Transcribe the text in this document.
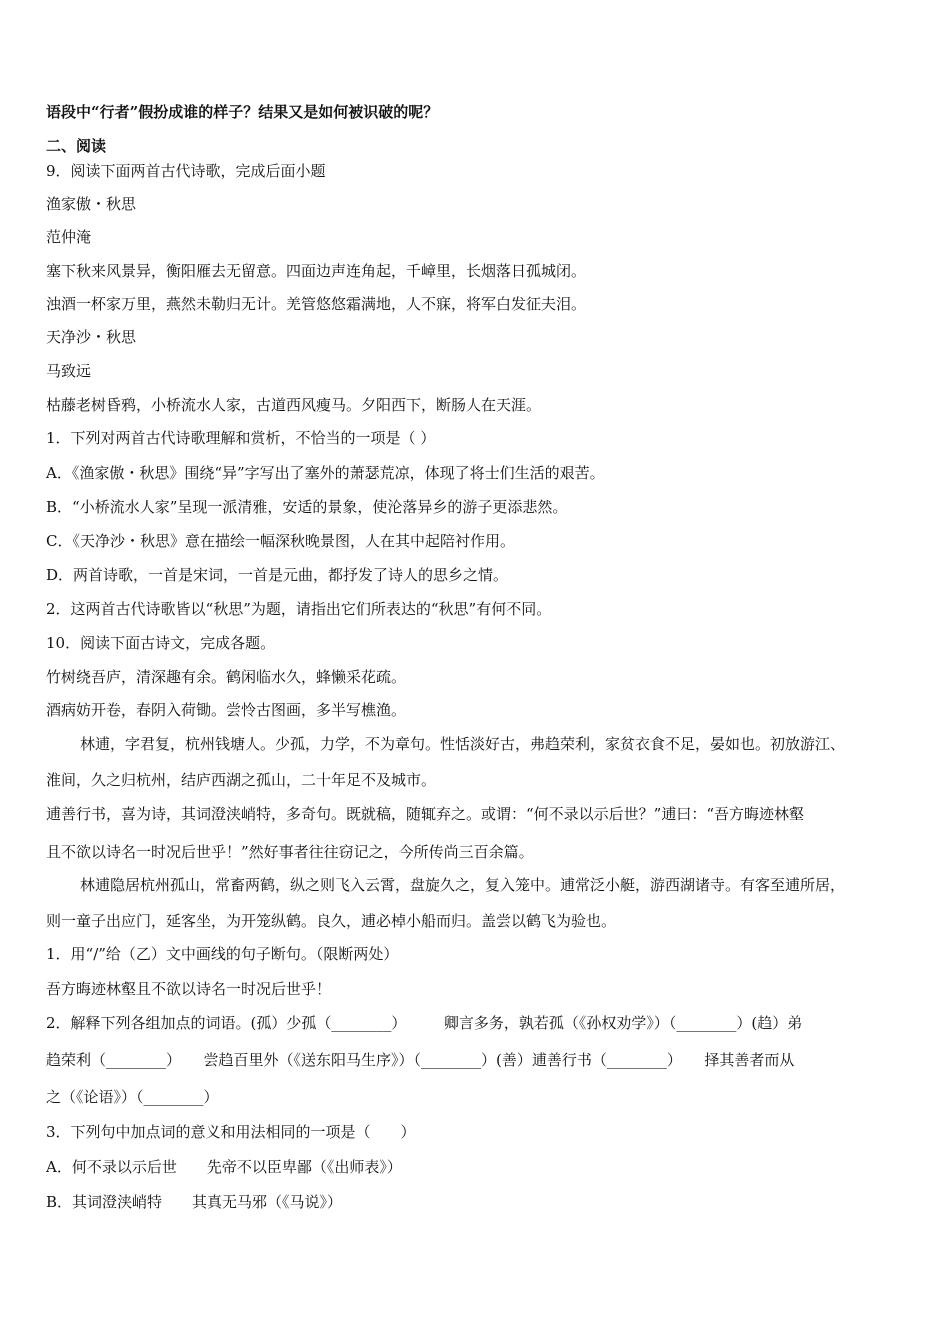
语段中“行者”假扮成谁的样子？结果又是如何被识破的呢？
二、阅读
9．阅读下面两首古代诗歌，完成后面小题
渔家傲・秋思
范仲淹
塞下秋来风景异，衡阳雁去无留意。四面边声连角起，千嶂里，长烟落日孤城闭。
浊酒一杯家万里，燕然未勒归无计。羌管悠悠霜满地，人不寐，将军白发征夫泪。
天净沙・秋思
马致远
枯藤老树昏鸦，小桥流水人家，古道西风瘦马。夕阳西下，断肠人在天涯。
1．下列对两首古代诗歌理解和赏析，不恰当的一项是（ ）
A．《渔家傲・秋思》围绕“异”字写出了塞外的萧瑟荒凉，体现了将士们生活的艰苦。
B．“小桥流水人家”呈现一派清雅，安适的景象，使沦落异乡的游子更添悲然。
C．《天净沙・秋思》意在描绘一幅深秋晚景图，人在其中起陪衬作用。
D．两首诗歌，一首是宋词，一首是元曲，都抒发了诗人的思乡之情。
2．这两首古代诗歌皆以“秋思”为题，请指出它们所表达的“秋思”有何不同。
10．阅读下面古诗文，完成各题。
竹树绕吾庐，清深趣有余。鹤闲临水久，蜂懒采花疏。
酒病妨开卷，春阴入荷锄。尝怜古图画，多半写樵渔。
林逋，字君复，杭州钱塘人。少孤，力学，不为章句。性恬淡好古，弗趋荣利，家贫衣食不足，晏如也。初放游江、
淮间，久之归杭州，结庐西湖之孤山，二十年足不及城市。
逋善行书，喜为诗，其词澄浃峭特，多奇句。既就稿，随辄弃之。或谓：“何不录以示后世？”逋曰：“吾方晦迹林壑
且不欲以诗名一时况后世乎！”然好事者往往窃记之，今所传尚三百余篇。
林逋隐居杭州孤山，常畜两鹤，纵之则飞入云霄，盘旋久之，复入笼中。逋常泛小艇，游西湖诸寺。有客至逋所居，
则一童子出应门，延客坐，为开笼纵鹤。良久，逋必棹小船而归。盖尝以鹤飞为验也。
1．用“/”给（乙）文中画线的句子断句。（限断两处）
吾方晦迹林壑且不欲以诗名一时况后世乎！
2．解释下列各组加点的词语。(孤）少孤（________）　　　卿言多务，孰若孤（《孙权劝学》）（________）(趋）弟
趋荣利（________）　　尝趋百里外（《送东阳马生序》）（________）(善）逋善行书（________）　　择其善者而从
之（《论语》）（________）
3．下列句中加点词的意义和用法相同的一项是（　　）
A．何不录以示后世　　先帝不以臣卑鄙（《出师表》）
B．其词澄浃峭特　　其真无马邪（《马说》）
